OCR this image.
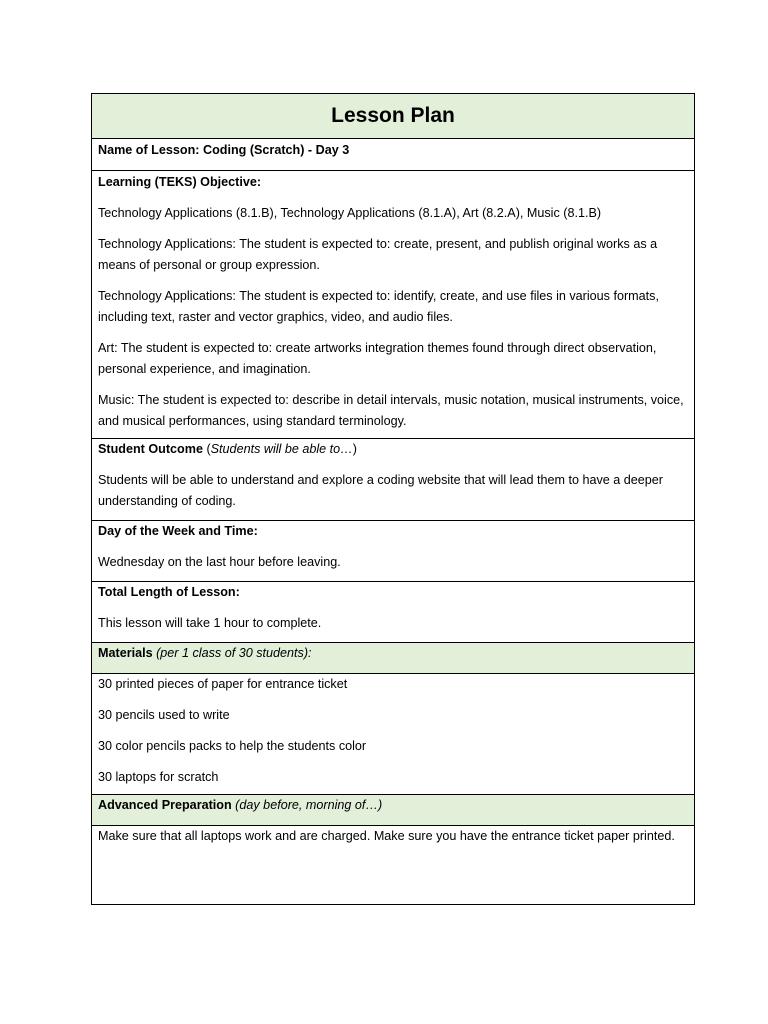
Lesson Plan
Name of Lesson: Coding (Scratch) - Day 3

Learning (TEKS) Objective:

Technology Applications (8.1.B), Technology Applications (8.1.A), Art (8.2.A), Music (8.1.B)

Technology Applications: The student is expected to: create, present, and publish original works as a means of personal or group expression.

Technology Applications: The student is expected to: identify, create, and use files in various formats, including text, raster and vector graphics, video, and audio files.

Art: The student is expected to: create artworks integration themes found through direct observation, personal experience, and imagination.

Music: The student is expected to: describe in detail intervals, music notation, musical instruments, voice, and musical performances, using standard terminology.

Student Outcome (Students will be able to…)

Students will be able to understand and explore a coding website that will lead them to have a deeper understanding of coding.

Day of the Week and Time:

Wednesday on the last hour before leaving.

Total Length of Lesson:

This lesson will take 1 hour to complete.

Materials (per 1 class of 30 students):

30 printed pieces of paper for entrance ticket

30 pencils used to write

30 color pencils packs to help the students color

30 laptops for scratch

Advanced Preparation (day before, morning of…)
Make sure that all laptops work and are charged. Make sure you have the entrance ticket paper printed.
